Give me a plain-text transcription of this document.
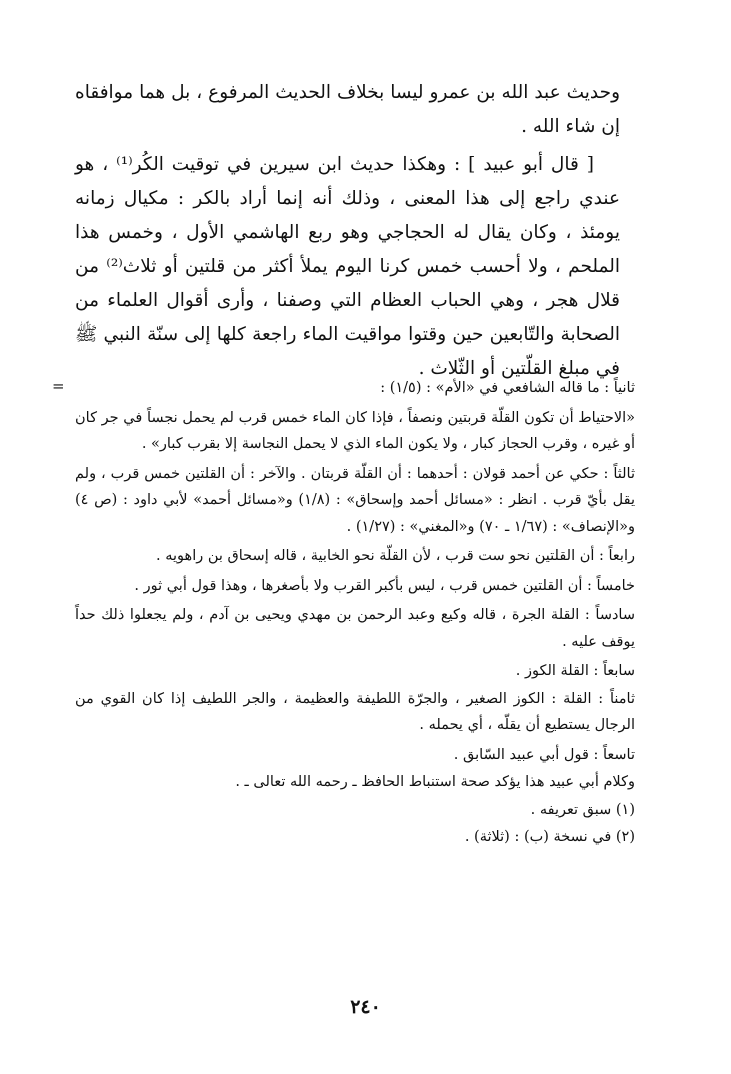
وحديث عبد الله بن عمرو ليسا بخلاف الحديث المرفوع ، بل هما موافقاه إن شاء الله .

[ قال أبو عبيد ] : وهكذا حديث ابن سيرين في توقيت الكُر⁽¹⁾ ، هو عندي راجع إلى هذا المعنى ، وذلك أنه إنما أراد بالكر : مكيال زمانه يومئذ ، وكان يقال له الحجاجي وهو ربع الهاشمي الأول ، وخمس هذا الملحم ، ولا أحسب خمس كرنا اليوم يملأ أكثر من قلتين أو ثلاث⁽²⁾ من قلال هجر ، وهي الحباب العظام التي وصفنا ، وأرى أقوال العلماء من الصحابة والتّابعين حين وقتوا مواقيت الماء راجعة كلها إلى سنّة النبي ﷺ في مبلغ القلّتين أو الثّلاث .

=	ثانياً : ما قاله الشافعي في «الأم» : (١/٥) :

«الاحتياط أن تكون القلّة قربتين ونصفاً ، فإذا كان الماء خمس قرب لم يحمل نجساً في جر كان أو غيره ، وقرب الحجاز كبار ، ولا يكون الماء الذي لا يحمل النجاسة إلا بقرب كبار» .

ثالثاً : حكي عن أحمد قولان : أحدهما : أن القلّة قربتان . والآخر : أن القلتين خمس قرب ، ولم يقل بأيّ قرب . انظر : «مسائل أحمد وإسحاق» : (١/٨) و«مسائل أحمد» لأبي داود : (ص ٤) و«الإنصاف» : (١/٦٧ ـ ٧٠) و«المغني» : (١/٢٧) .

رابعاً : أن القلتين نحو ست قرب ، لأن القلّة نحو الخابية ، قاله إسحاق بن راهويه .

خامساً : أن القلتين خمس قرب ، ليس بأكبر القرب ولا بأصغرها ، وهذا قول أبي ثور .

سادساً : القلة الجرة ، قاله وكيع وعبد الرحمن بن مهدي ويحيى بن آدم ، ولم يجعلوا ذلك حداً يوقف عليه .

سابعاً : القلة الكوز .

ثامناً : القلة : الكوز الصغير ، والجرّة اللطيفة والعظيمة ، والجر اللطيف إذا كان القوي من الرجال يستطيع أن يقلّه ، أي يحمله .

تاسعاً : قول أبي عبيد السّابق .

وكلام أبي عبيد هذا يؤكد صحة استنباط الحافظ ـ رحمه الله تعالى ـ .

(١) سبق تعريفه .

(٢) في نسخة (ب) : (ثلاثة) .

٢٤٠
